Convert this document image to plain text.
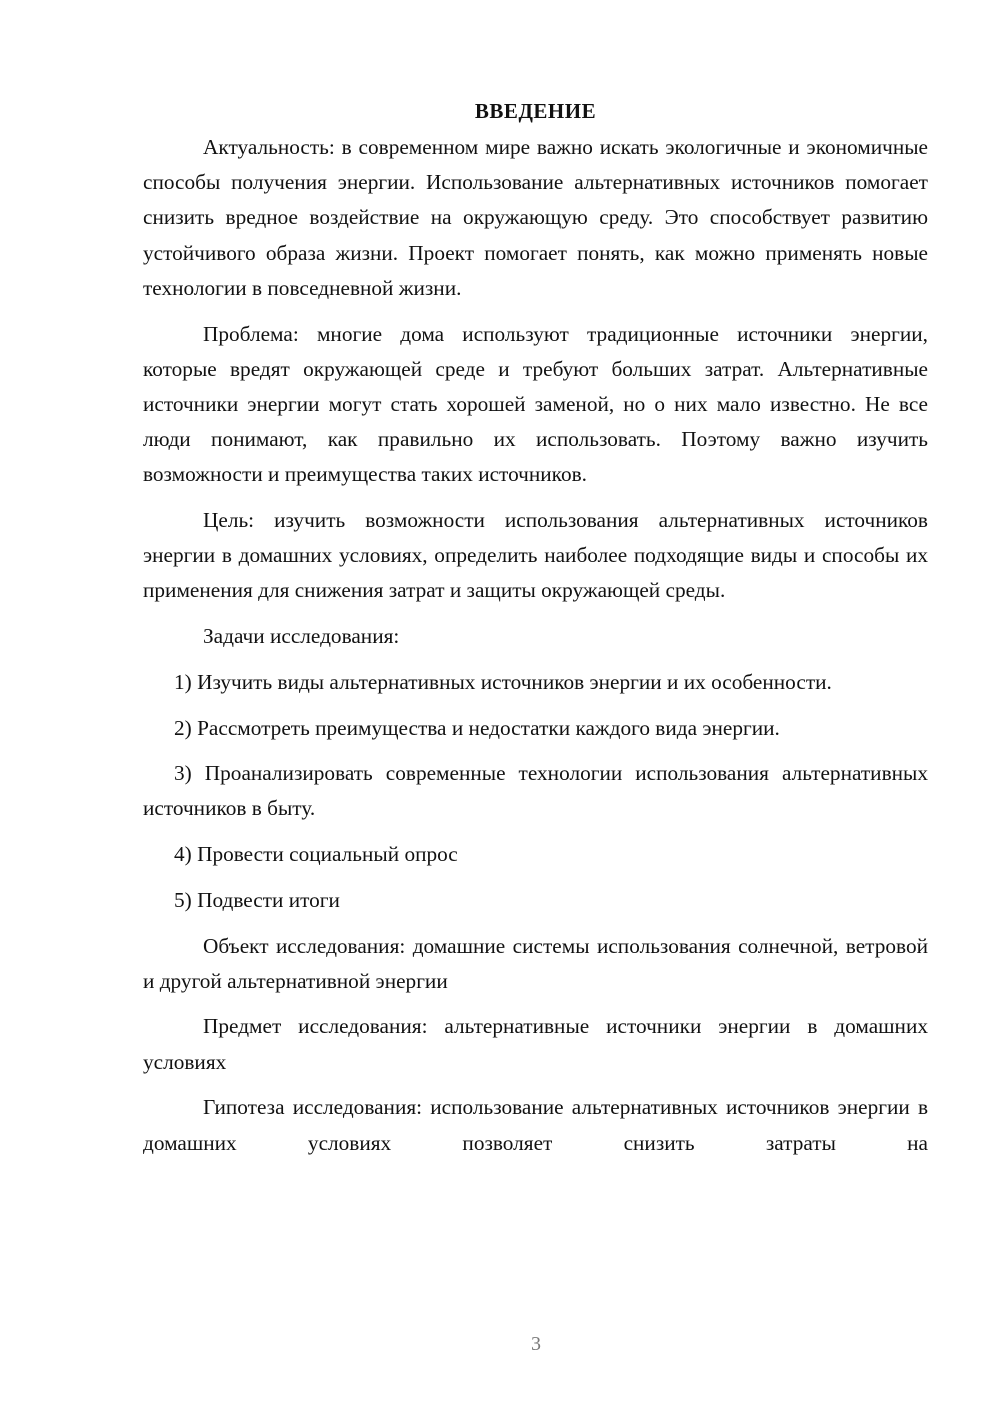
ВВЕДЕНИЕ

Актуальность: в современном мире важно искать экологичные и экономичные способы получения энергии. Использование альтернативных источников помогает снизить вредное воздействие на окружающую среду. Это способствует развитию устойчивого образа жизни. Проект помогает понять, как можно применять новые технологии в повседневной жизни.

Проблема: многие дома используют традиционные источники энергии, которые вредят окружающей среде и требуют больших затрат. Альтернативные источники энергии могут стать хорошей заменой, но о них мало известно. Не все люди понимают, как правильно их использовать. Поэтому важно изучить возможности и преимущества таких источников.

Цель: изучить возможности использования альтернативных источников энергии в домашних условиях, определить наиболее подходящие виды и способы их применения для снижения затрат и защиты окружающей среды.

Задачи исследования:

1) Изучить виды альтернативных источников энергии и их особенности.

2) Рассмотреть преимущества и недостатки каждого вида энергии.

3) Проанализировать современные технологии использования альтернативных источников в быту.

4) Провести социальный опрос

5) Подвести итоги

Объект исследования: домашние системы использования солнечной, ветровой и другой альтернативной энергии

Предмет исследования: альтернативные источники энергии в домашних условиях

Гипотеза исследования: использование альтернативных источников энергии в домашних условиях позволяет снизить затраты на

3
